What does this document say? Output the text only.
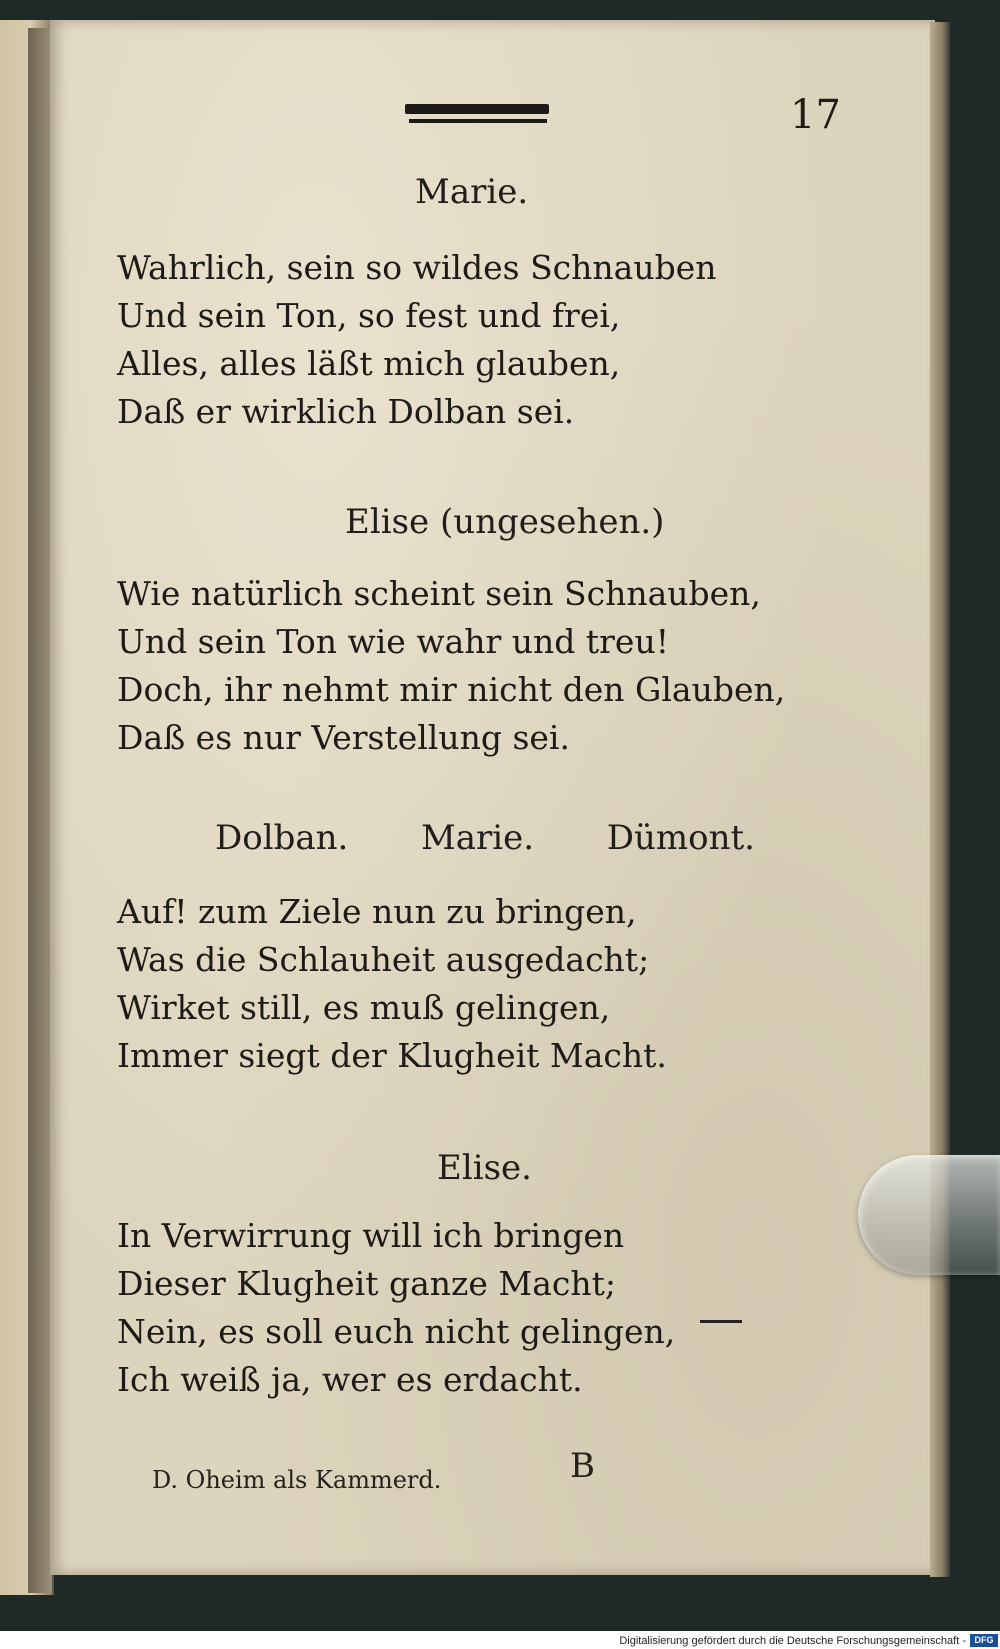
17
Marie.
Wahrlich, sein so wildes Schnauben
Und sein Ton, so fest und frei,
Alles, alles läßt mich glauben,
Daß er wirklich Dolban sei.
Elise (ungesehen.)
Wie natürlich scheint sein Schnauben,
Und sein Ton wie wahr und treu!
Doch, ihr nehmt mir nicht den Glauben,
Daß es nur Verstellung sei.
Dolban. Marie. Dümont.
Auf! zum Ziele nun zu bringen,
Was die Schlauheit ausgedacht;
Wirket still, es muß gelingen,
Immer siegt der Klugheit Macht.
Elise.
In Verwirrung will ich bringen
Dieser Klugheit ganze Macht;
Nein, es soll euch nicht gelingen,
Ich weiß ja, wer es erdacht.
D. Oheim als Kammerd.	B
Digitalisierung gefördert durch die Deutsche Forschungsgemeinschaft - DFG
